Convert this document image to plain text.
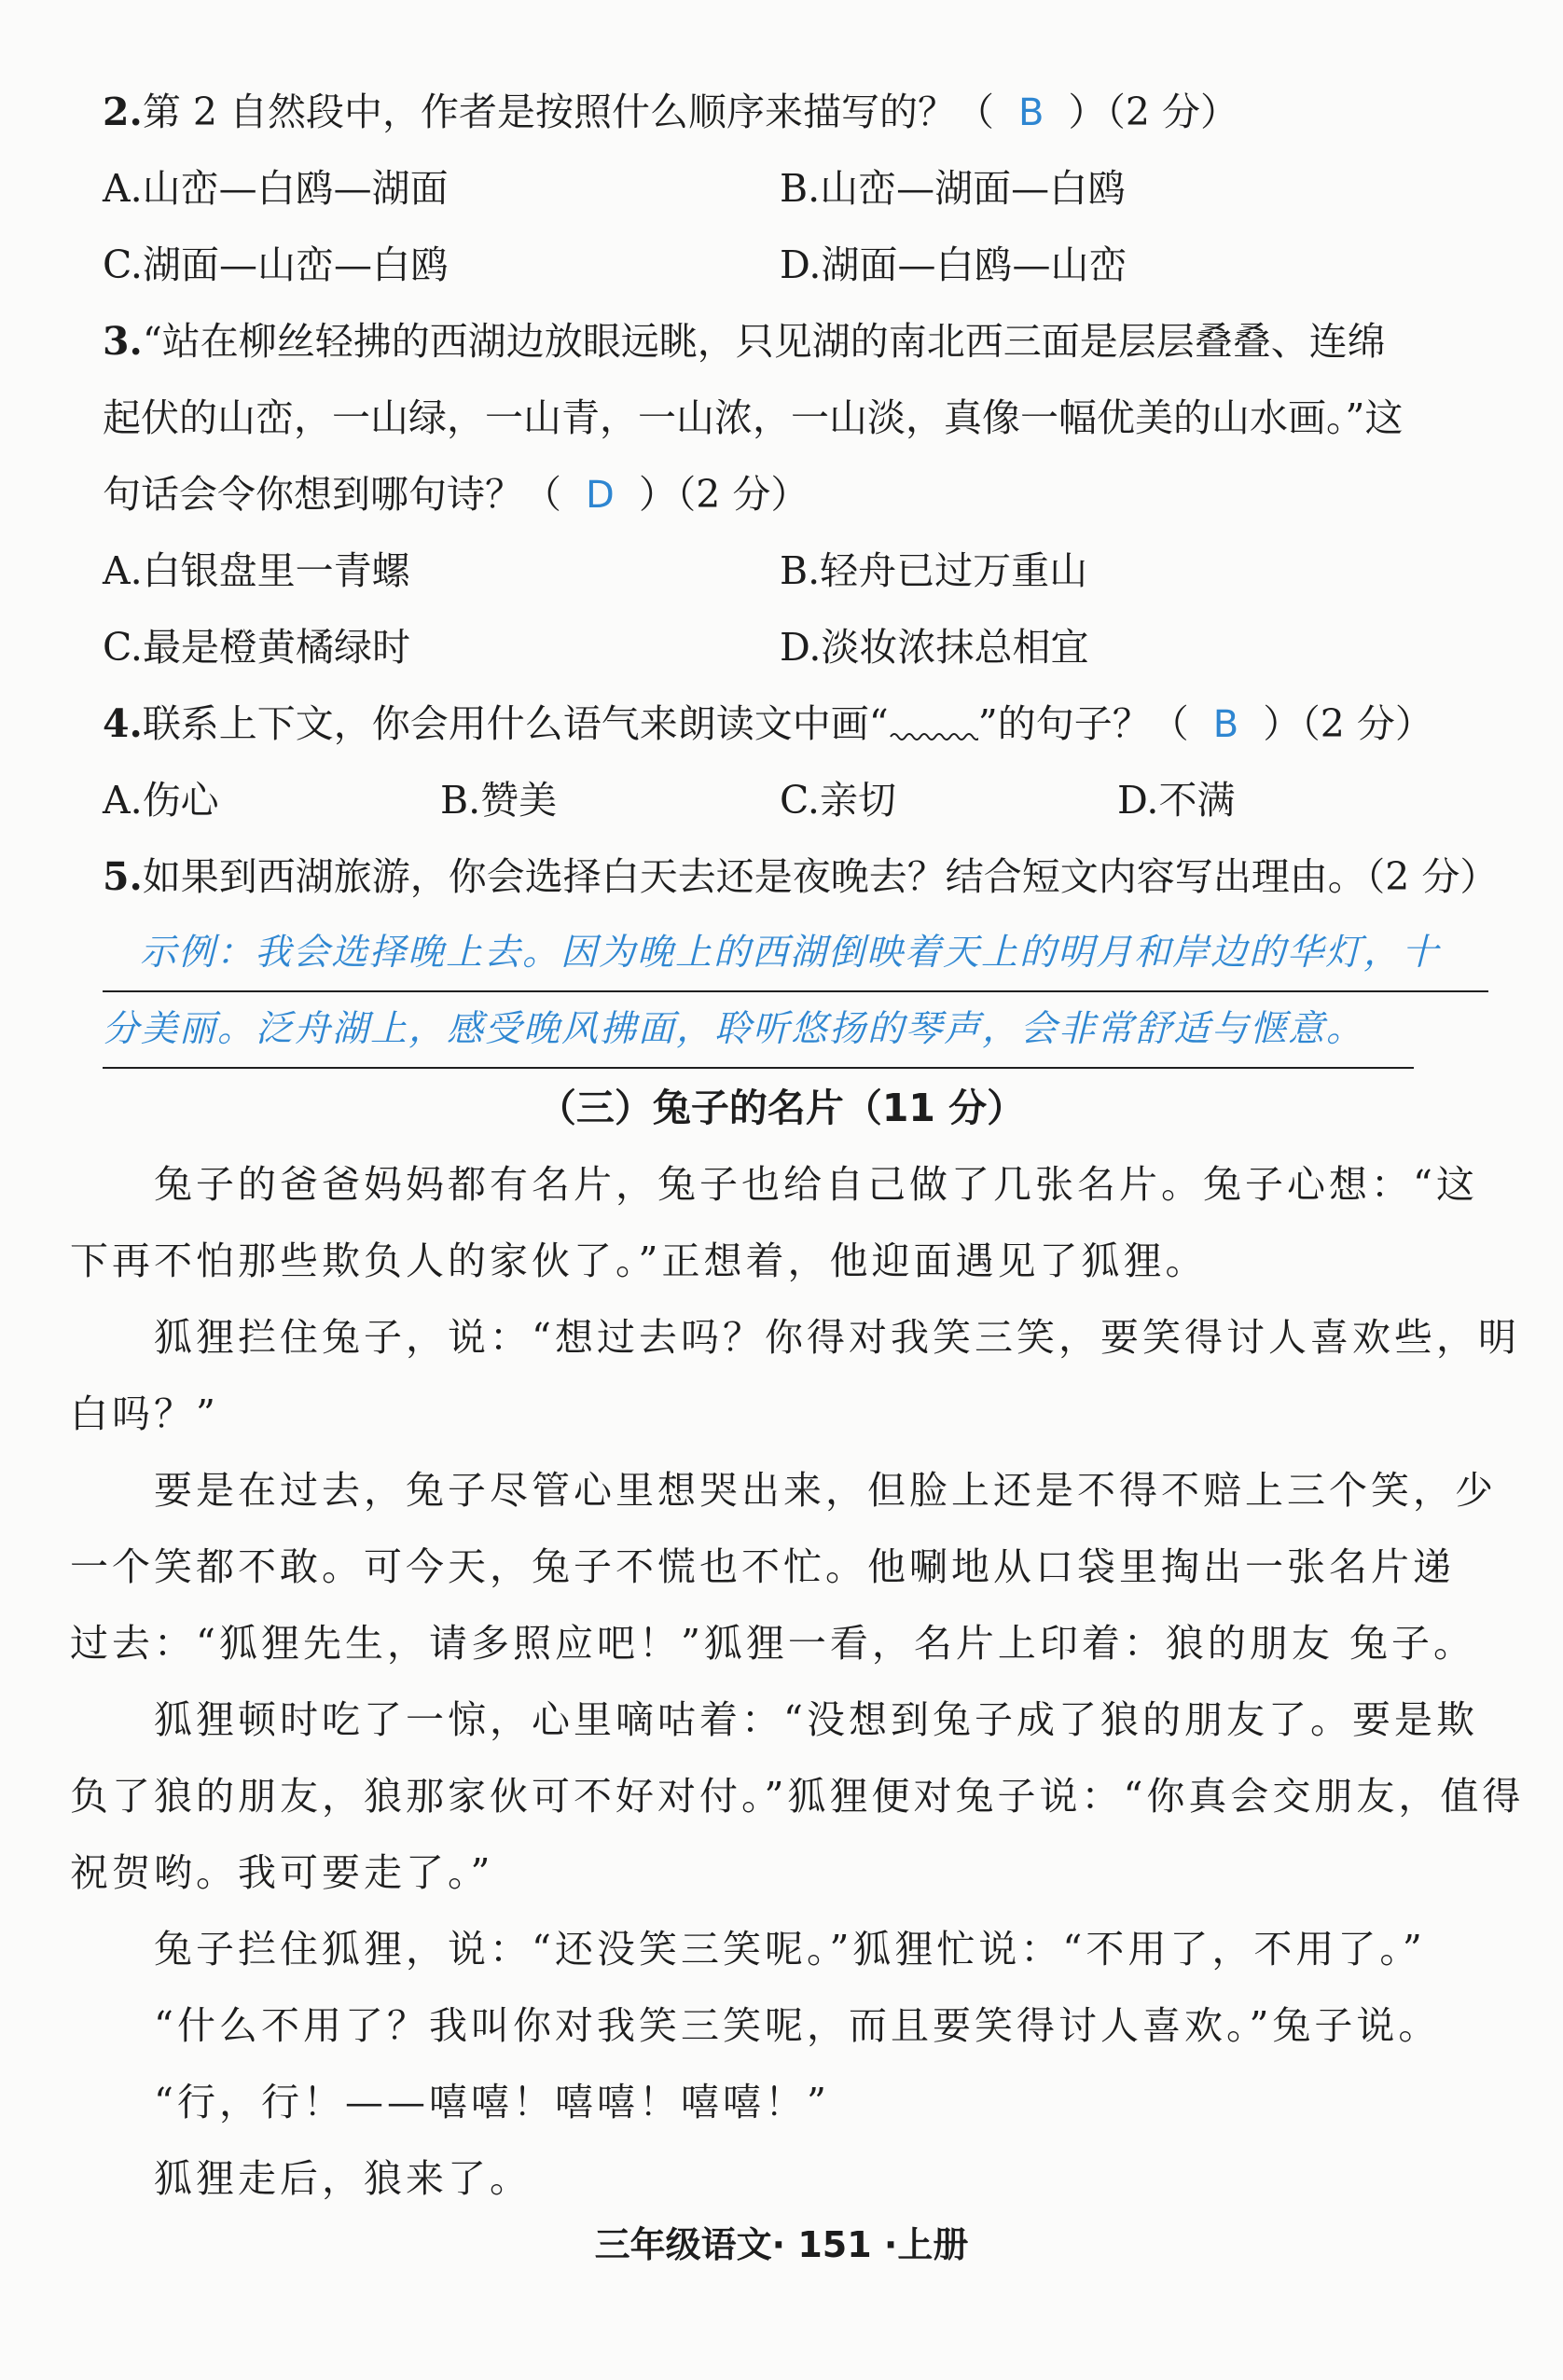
2.第 2 自然段中，作者是按照什么顺序来描写的？（ B ）（2 分）
A.山峦—白鸥—湖面	B.山峦—湖面—白鸥
C.湖面—山峦—白鸥	D.湖面—白鸥—山峦
3.“站在柳丝轻拂的西湖边放眼远眺，只见湖的南北西三面是层层叠叠、连绵
起伏的山峦，一山绿，一山青，一山浓，一山淡，真像一幅优美的山水画。”这
句话会令你想到哪句诗？（ D ）（2 分）
A.白银盘里一青螺	B.轻舟已过万重山
C.最是橙黄橘绿时	D.淡妆浓抹总相宜
4.联系上下文，你会用什么语气来朗读文中画“ ”的句子？（ B ）（2 分）
A.伤心	B.赞美	C.亲切	D.不满
5.如果到西湖旅游，你会选择白天去还是夜晚去？结合短文内容写出理由。（2 分）
示例：我会选择晚上去。因为晚上的西湖倒映着天上的明月和岸边的华灯，十
分美丽。泛舟湖上，感受晚风拂面，聆听悠扬的琴声，会非常舒适与惬意。
（三）兔子的名片（11 分）
　　兔子的爸爸妈妈都有名片，兔子也给自己做了几张名片。兔子心想：“这
下再不怕那些欺负人的家伙了。”正想着，他迎面遇见了狐狸。
　　狐狸拦住兔子，说：“想过去吗？你得对我笑三笑，要笑得讨人喜欢些，明
白吗？”
　　要是在过去，兔子尽管心里想哭出来，但脸上还是不得不赔上三个笑，少
一个笑都不敢。可今天，兔子不慌也不忙。他唰地从口袋里掏出一张名片递
过去：“狐狸先生，请多照应吧！”狐狸一看，名片上印着：狼的朋友 兔子。
　　狐狸顿时吃了一惊，心里嘀咕着：“没想到兔子成了狼的朋友了。要是欺
负了狼的朋友，狼那家伙可不好对付。”狐狸便对兔子说：“你真会交朋友，值得
祝贺哟。我可要走了。”
　　兔子拦住狐狸，说：“还没笑三笑呢。”狐狸忙说：“不用了，不用了。”
　　“什么不用了？我叫你对我笑三笑呢，而且要笑得讨人喜欢。”兔子说。
　　“行，行！——嘻嘻！嘻嘻！嘻嘻！”
　　狐狸走后，狼来了。
三年级语文· 151 ·上册
